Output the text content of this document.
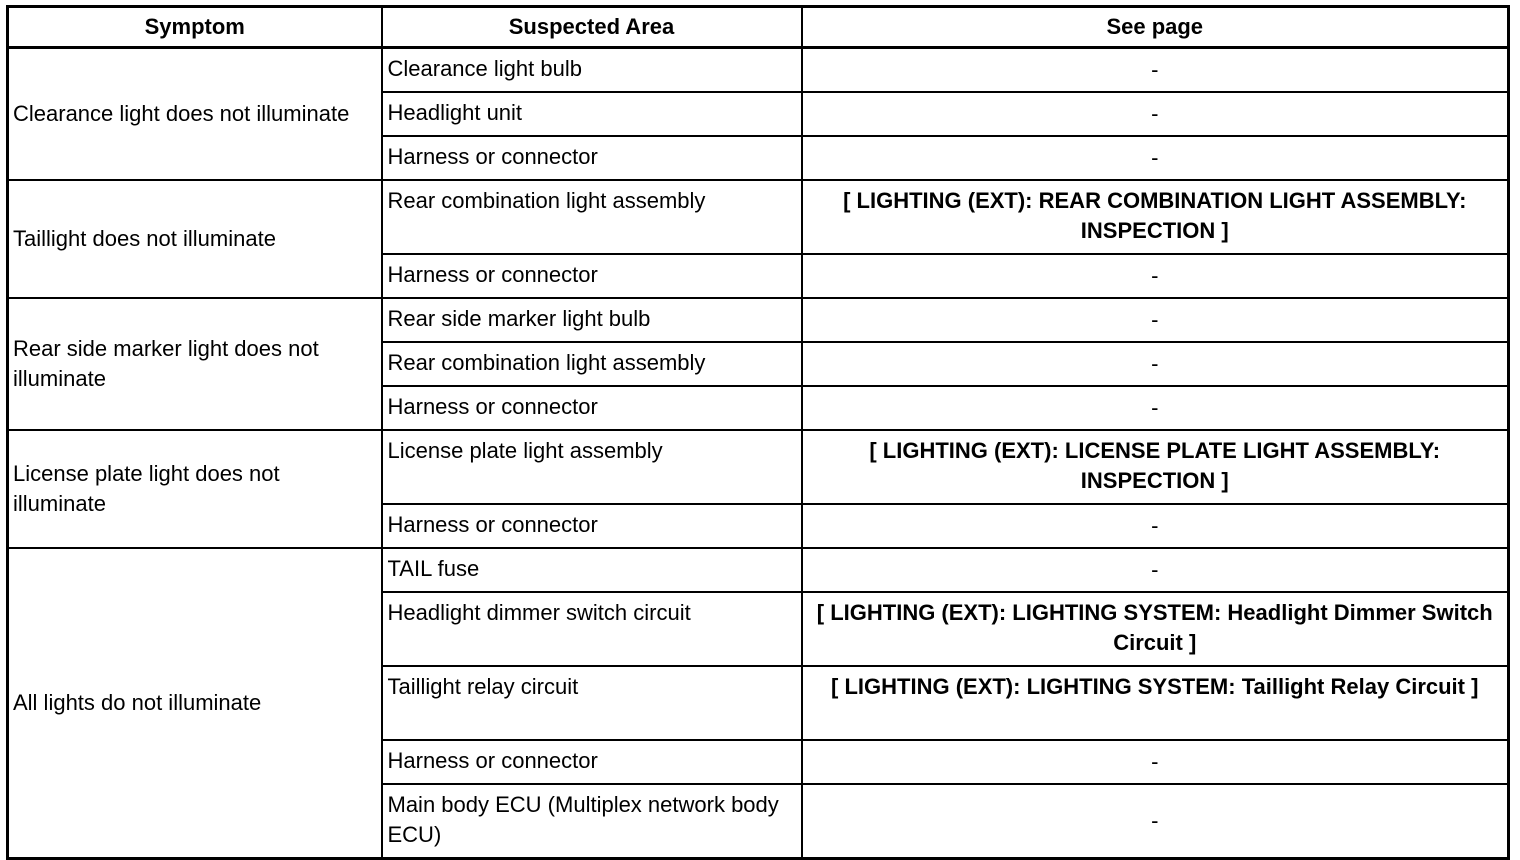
Symptom	Suspected Area	See page
Clearance light does not illuminate	Clearance light bulb	-
	Headlight unit	-
	Harness or connector	-
Taillight does not illuminate	Rear combination light assembly	[ LIGHTING (EXT): REAR COMBINATION LIGHT ASSEMBLY: INSPECTION ]
	Harness or connector	-
Rear side marker light does not illuminate	Rear side marker light bulb	-
	Rear combination light assembly	-
	Harness or connector	-
License plate light does not illuminate	License plate light assembly	[ LIGHTING (EXT): LICENSE PLATE LIGHT ASSEMBLY: INSPECTION ]
	Harness or connector	-
All lights do not illuminate	TAIL fuse	-
	Headlight dimmer switch circuit	[ LIGHTING (EXT): LIGHTING SYSTEM: Headlight Dimmer Switch Circuit ]
	Taillight relay circuit	[ LIGHTING (EXT): LIGHTING SYSTEM: Taillight Relay Circuit ]
	Harness or connector	-
	Main body ECU (Multiplex network body ECU)	-
